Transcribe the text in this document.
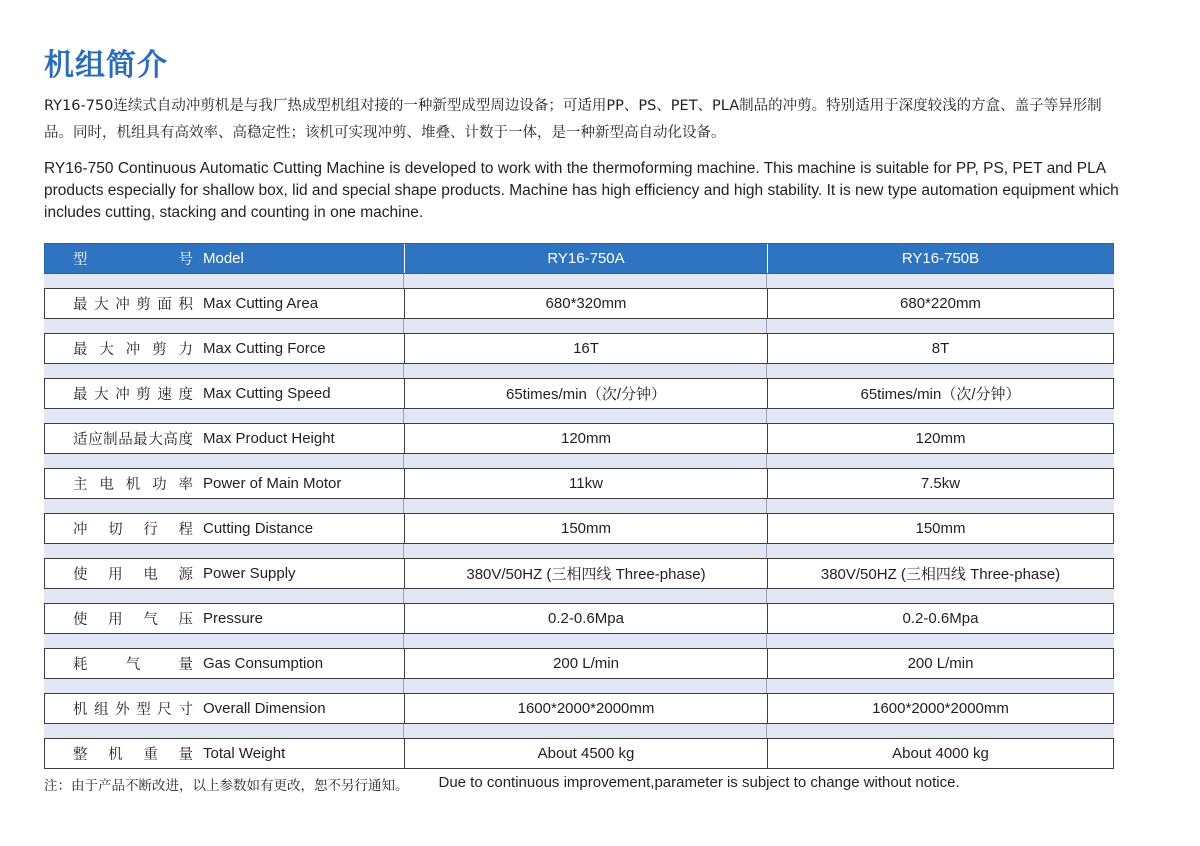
机组简介

RY16-750连续式自动冲剪机是与我厂热成型机组对接的一种新型成型周边设备；可适用PP、PS、PET、PLA制品的冲剪。特别适用于深度较浅的方盒、盖子等异形制品。同时，机组具有高效率、高稳定性；该机可实现冲剪、堆叠、计数于一体，是一种新型高自动化设备。

RY16-750 Continuous Automatic Cutting Machine is developed to work with the thermoforming machine. This machine is suitable for PP, PS, PET and PLA products especially for shallow box, lid and special shape products. Machine has high efficiency and high stability. It is new type automation equipment which includes cutting, stacking and counting in one machine.

型号 Model	RY16-750A	RY16-750B
最大冲剪面积 Max Cutting Area	680*320mm	680*220mm
最大冲剪力 Max Cutting Force	16T	8T
最大冲剪速度 Max Cutting Speed	65times/min（次/分钟）	65times/min（次/分钟）
适应制品最大高度 Max Product Height	120mm	120mm
主电机功率 Power of Main Motor	11kw	7.5kw
冲切行程 Cutting Distance	150mm	150mm
使用电源 Power Supply	380V/50HZ (三相四线 Three-phase)	380V/50HZ (三相四线 Three-phase)
使用气压 Pressure	0.2-0.6Mpa	0.2-0.6Mpa
耗气量 Gas Consumption	200 L/min	200 L/min
机组外型尺寸 Overall Dimension	1600*2000*2000mm	1600*2000*2000mm
整机重量 Total Weight	About 4500 kg	About 4000 kg
注：由于产品不断改进，以上参数如有更改，恕不另行通知。 Due to continuous improvement,parameter is subject to change without notice.
